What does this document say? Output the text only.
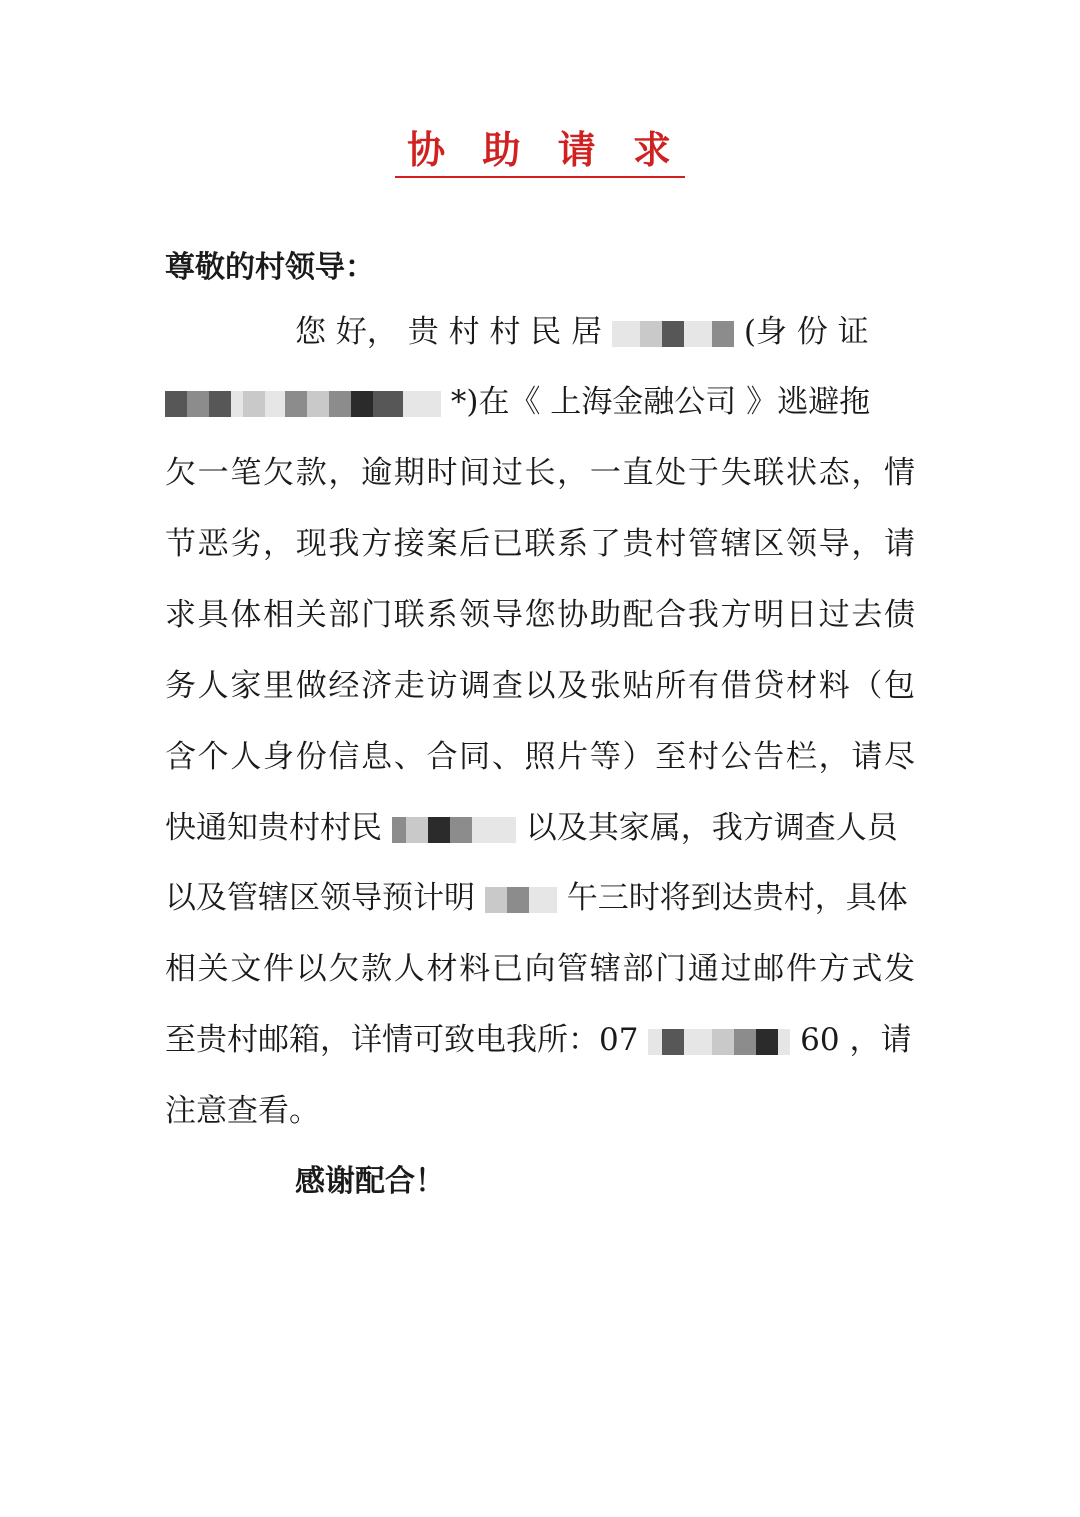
协 助 请 求
尊敬的村领导：
您 好， 贵 村 村 民 居	(身 份 证
*)在《 上海金融公司 》逃避拖
欠一笔欠款，逾期时间过长，一直处于失联状态，情
节恶劣，现我方接案后已联系了贵村管辖区领导，请
求具体相关部门联系领导您协助配合我方明日过去债
务人家里做经济走访调查以及张贴所有借贷材料（包
含个人身份信息、合同、照片等）至村公告栏，请尽
快通知贵村村民	以及其家属，我方调查人员
以及管辖区领导预计明	午三时将到达贵村，具体
相关文件以欠款人材料已向管辖部门通过邮件方式发
至贵村邮箱，详情可致电我所：07	60 ，请
注意查看。
感谢配合！
